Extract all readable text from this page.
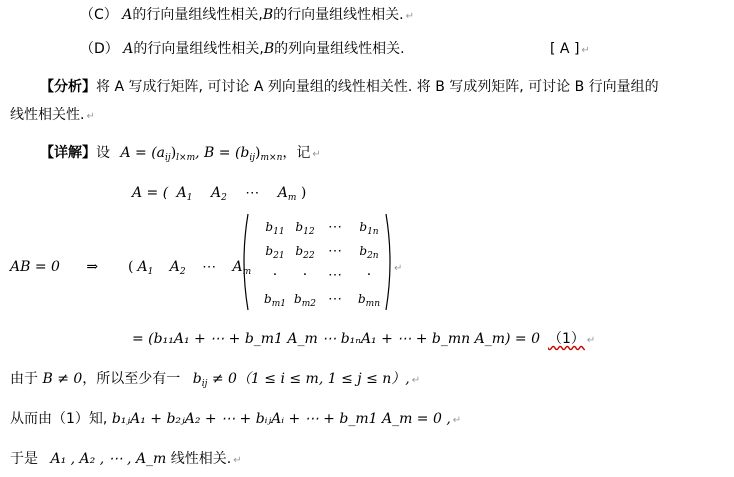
（C） A的行向量组线性相关,B的行向量组线性相关. ↵
（D） A的行向量组线性相关,B的列向量组线性相关.	[ A ] ↵
【分析】将 A 写成行矩阵, 可讨论 A 列向量组的线性相关性. 将 B 写成列矩阵, 可讨论 B 行向量组的
线性相关性. ↵
【详解】设 $A = (a_{ij})_{l\times m}$, $B = (b_{ij})_{m\times n}$，记 ↵
A = ( $A_1$ $A_2$ ⋯ $A_m$ )
AB = 0 ⇒ ( $A_1$ $A_2$ ⋯ $A_m$
$b_{11}$ $b_{12}$ ⋯	$b_{1n}$
$b_{21}$ $b_{22}$ ⋯	$b_{2n}$
·	·	⋯	·
$b_{m1}$ $b_{m2}$ ⋯	$b_{mn}$
↵
= (b₁₁A₁ + ⋯ + b_m1 A_m ⋯ b₁ₙA₁ + ⋯ + b_mn A_m) = 0 （1） ↵
由于 B ≠ 0，所以至少有一 $b_{ij} \ne 0(1 \le i \le m$, 1 ≤ j ≤ n）, ↵
从而由（1）知, b₁ⱼA₁ + b₂ⱼA₂ + ⋯ + bᵢⱼAᵢ + ⋯ + b_m1 A_m = 0 , ↵
于是 A₁ , A₂ , ⋯ , A_m 线性相关. ↵
